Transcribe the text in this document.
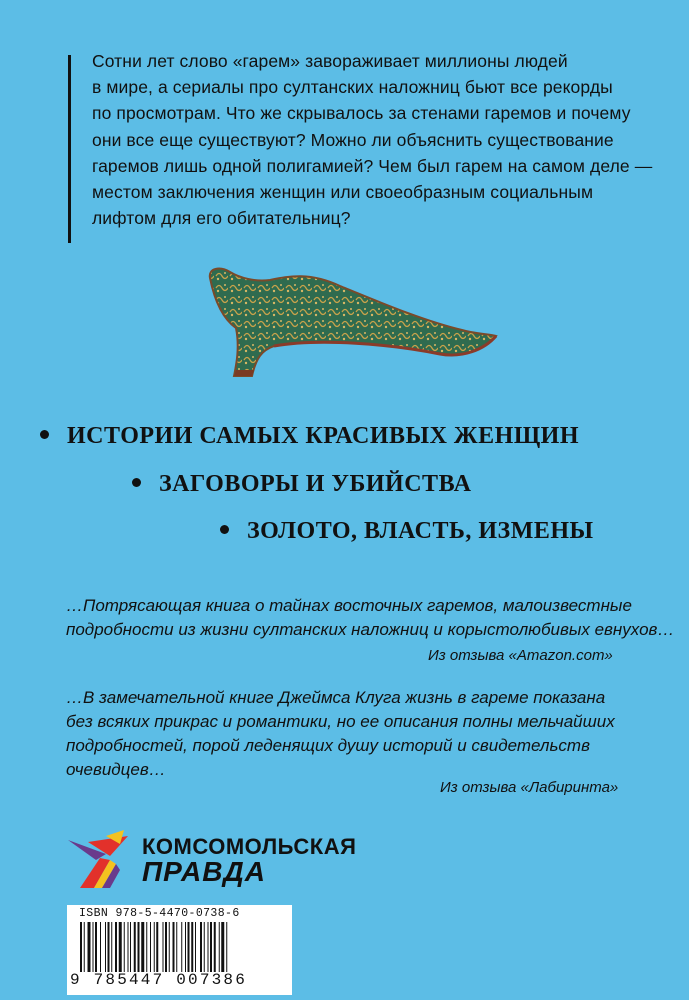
Сотни лет слово «гарем» завораживает миллионы людей
в мире, а сериалы про султанских наложниц бьют все рекорды
по просмотрам. Что же скрывалось за стенами гаремов и почему
они все еще существуют? Можно ли объяснить существование
гаремов лишь одной полигамией? Чем был гарем на самом деле —
местом заключения женщин или своеобразным социальным
лифтом для его обитательниц?
ИСТОРИИ САМЫХ КРАСИВЫХ ЖЕНЩИН
ЗАГОВОРЫ И УБИЙСТВА
ЗОЛОТО, ВЛАСТЬ, ИЗМЕНЫ
…Потрясающая книга о тайнах восточных гаремов, малоизвестные
подробности из жизни султанских наложниц и корыстолюбивых евнухов…
Из отзыва «Amazon.com»
…В замечательной книге Джеймса Клуга жизнь в гареме показана
без всяких прикрас и романтики, но ее описания полны мельчайших
подробностей, порой леденящих душу историй и свидетельств
очевидцев…
Из отзыва «Лабиринта»
КОМСОМОЛЬСКАЯ
ПРАВДА
ISBN 978-5-4470-0738-6
9 785447 007386
